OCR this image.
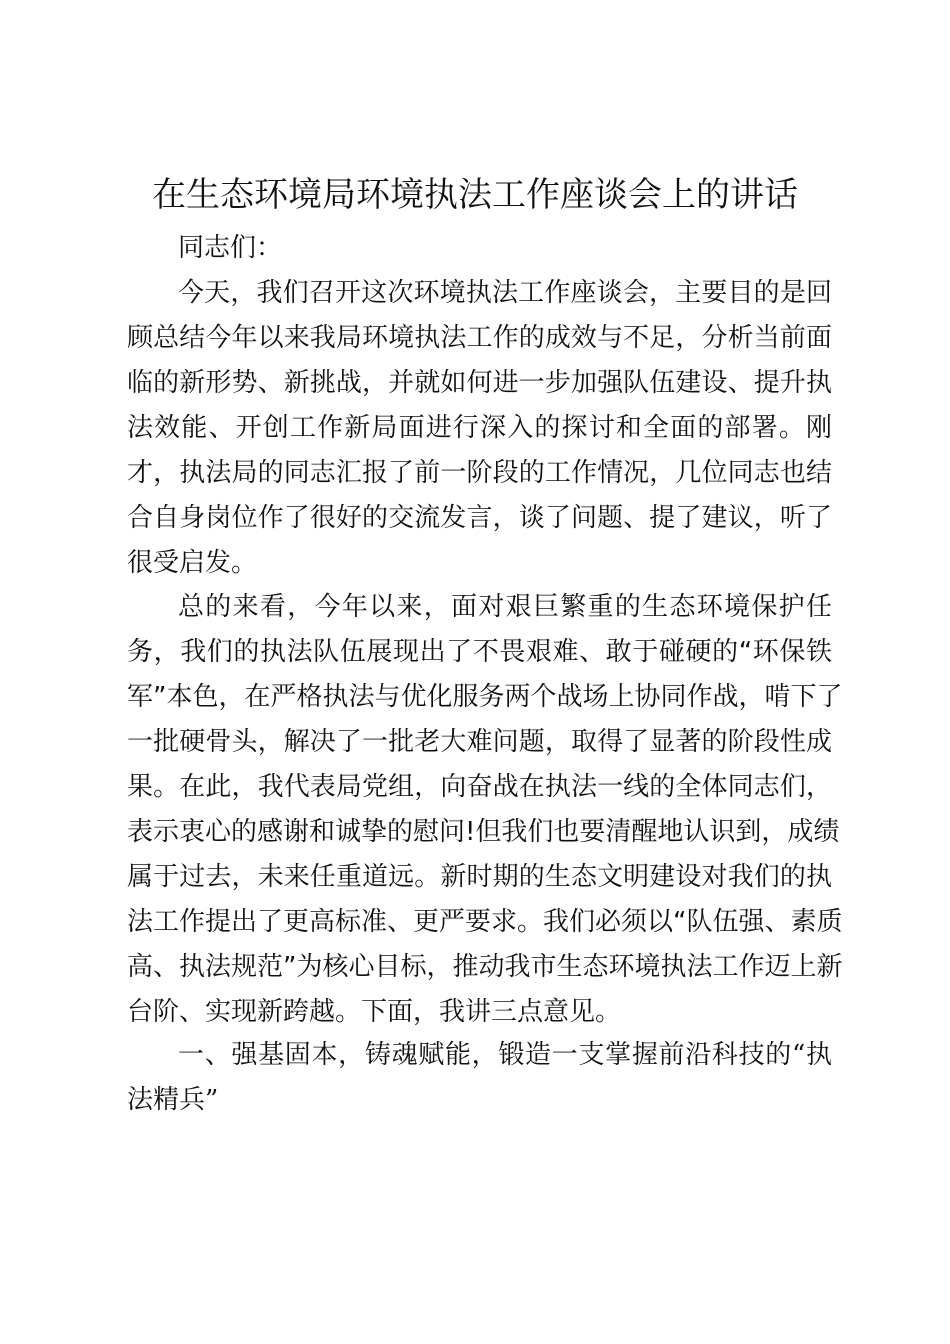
在生态环境局环境执法工作座谈会上的讲话
同志们：
今天，我们召开这次环境执法工作座谈会，主要目的是回
顾总结今年以来我局环境执法工作的成效与不足，分析当前面
临的新形势、新挑战，并就如何进一步加强队伍建设、提升执
法效能、开创工作新局面进行深入的探讨和全面的部署。刚
才，执法局的同志汇报了前一阶段的工作情况，几位同志也结
合自身岗位作了很好的交流发言，谈了问题、提了建议，听了
很受启发。
总的来看，今年以来，面对艰巨繁重的生态环境保护任
务，我们的执法队伍展现出了不畏艰难、敢于碰硬的“环保铁
军”本色，在严格执法与优化服务两个战场上协同作战，啃下了
一批硬骨头，解决了一批老大难问题，取得了显著的阶段性成
果。在此，我代表局党组，向奋战在执法一线的全体同志们，
表示衷心的感谢和诚挚的慰问!但我们也要清醒地认识到，成绩
属于过去，未来任重道远。新时期的生态文明建设对我们的执
法工作提出了更高标准、更严要求。我们必须以“队伍强、素质
高、执法规范”为核心目标，推动我市生态环境执法工作迈上新
台阶、实现新跨越。下面，我讲三点意见。
一、强基固本，铸魂赋能，锻造一支掌握前沿科技的“执
法精兵”
